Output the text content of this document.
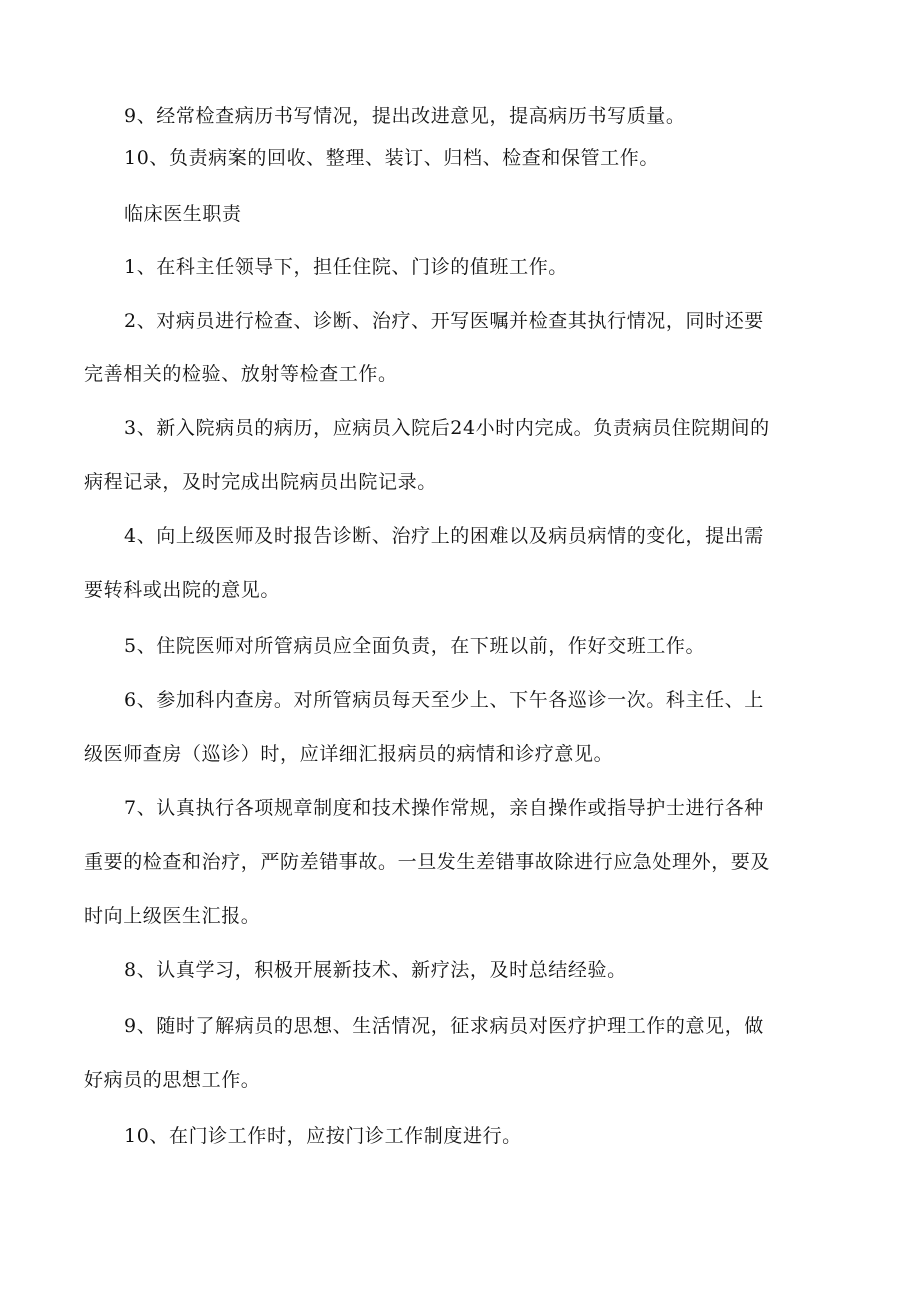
9、经常检查病历书写情况，提出改进意见，提高病历书写质量。
10、负责病案的回收、整理、装订、归档、检查和保管工作。
临床医生职责
1、在科主任领导下，担任住院、门诊的值班工作。
2、对病员进行检查、诊断、治疗、开写医嘱并检查其执行情况，同时还要
完善相关的检验、放射等检查工作。
3、新入院病员的病历，应病员入院后24小时内完成。负责病员住院期间的
病程记录，及时完成出院病员出院记录。
4、向上级医师及时报告诊断、治疗上的困难以及病员病情的变化，提出需
要转科或出院的意见。
5、住院医师对所管病员应全面负责，在下班以前，作好交班工作。
6、参加科内查房。对所管病员每天至少上、下午各巡诊一次。科主任、上
级医师查房（巡诊）时，应详细汇报病员的病情和诊疗意见。
7、认真执行各项规章制度和技术操作常规，亲自操作或指导护士进行各种
重要的检查和治疗，严防差错事故。一旦发生差错事故除进行应急处理外，要及
时向上级医生汇报。
8、认真学习，积极开展新技术、新疗法，及时总结经验。
9、随时了解病员的思想、生活情况，征求病员对医疗护理工作的意见，做
好病员的思想工作。
10、在门诊工作时，应按门诊工作制度进行。
